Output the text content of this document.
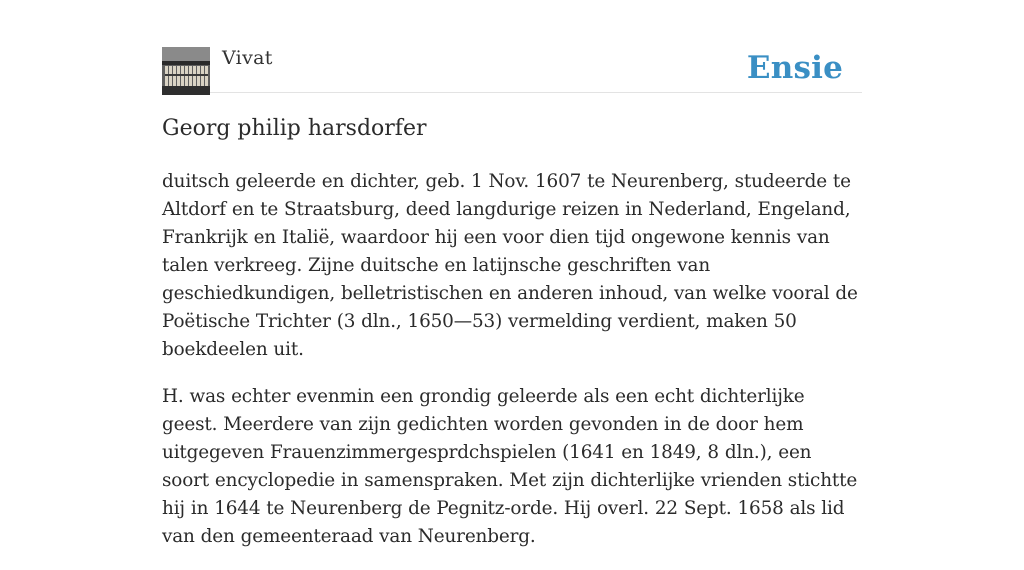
Vivat	Ensie
Georg philip harsdorfer

duitsch geleerde en dichter, geb. 1 Nov. 1607 te Neurenberg, studeerde te Altdorf en te Straatsburg, deed langdurige reizen in Nederland, Engeland, Frankrijk en Italië, waardoor hij een voor dien tijd ongewone kennis van talen verkreeg. Zijne duitsche en latijnsche geschriften van geschiedkundigen, belletristischen en anderen inhoud, van welke vooral de Poëtische Trichter (3 dln., 1650—53) vermelding verdient, maken 50 boekdeelen uit.

H. was echter evenmin een grondig geleerde als een echt dichterlijke geest. Meerdere van zijn gedichten worden gevonden in de door hem uitgegeven Frauenzimmergesprdchspielen (1641 en 1849, 8 dln.), een soort encyclopedie in samenspraken. Met zijn dichterlijke vrienden stichtte hij in 1644 te Neurenberg de Pegnitz-orde. Hij overl. 22 Sept. 1658 als lid van den gemeenteraad van Neurenberg.
